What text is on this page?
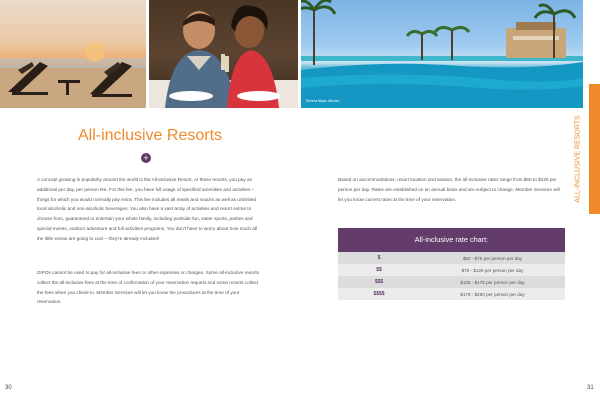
Riviera Maya, Mexico
All-inclusive Resorts
+

A concept growing in popularity around the world is the All-inclusive Resort. At these resorts, you pay an additional per day, per person fee. For this fee, you have full usage of specified amenities and activities – things for which you would normally pay extra. This fee includes all meals and snacks as well as unlimited local alcoholic and non-alcoholic beverages. You also have a vast array of activities and resort extras to choose from, guaranteed to entertain your whole family, including poolside fun, water sports, parties and special events, outdoor adventure and full activities programs. You don't have to worry about how much all the little extras are going to cost – they're already included!

DIPOs cannot be used to pay for all-inclusive fees or other expenses or charges. Some all-inclusive resorts collect the all-inclusive fees at the time of confirmation of your reservation request and some resorts collect the fees when you check-in. Member Services will let you know the procedures at the time of your reservation.

30

Based on accommodations, resort location and season, the all-inclusive rates range from $60 to $220 per person per day. Rates are established on an annual basis and are subject to change. Member Services will let you know current rates at the time of your reservation.

All-inclusive rate chart:
$	$50 - $75 per person per day
$$	$75 - $125 per person per day
$$$	$125 - $175 per person per day
$$$$	$175 - $250 per person per day
ALL-INCLUSIVE RESORTS
31
